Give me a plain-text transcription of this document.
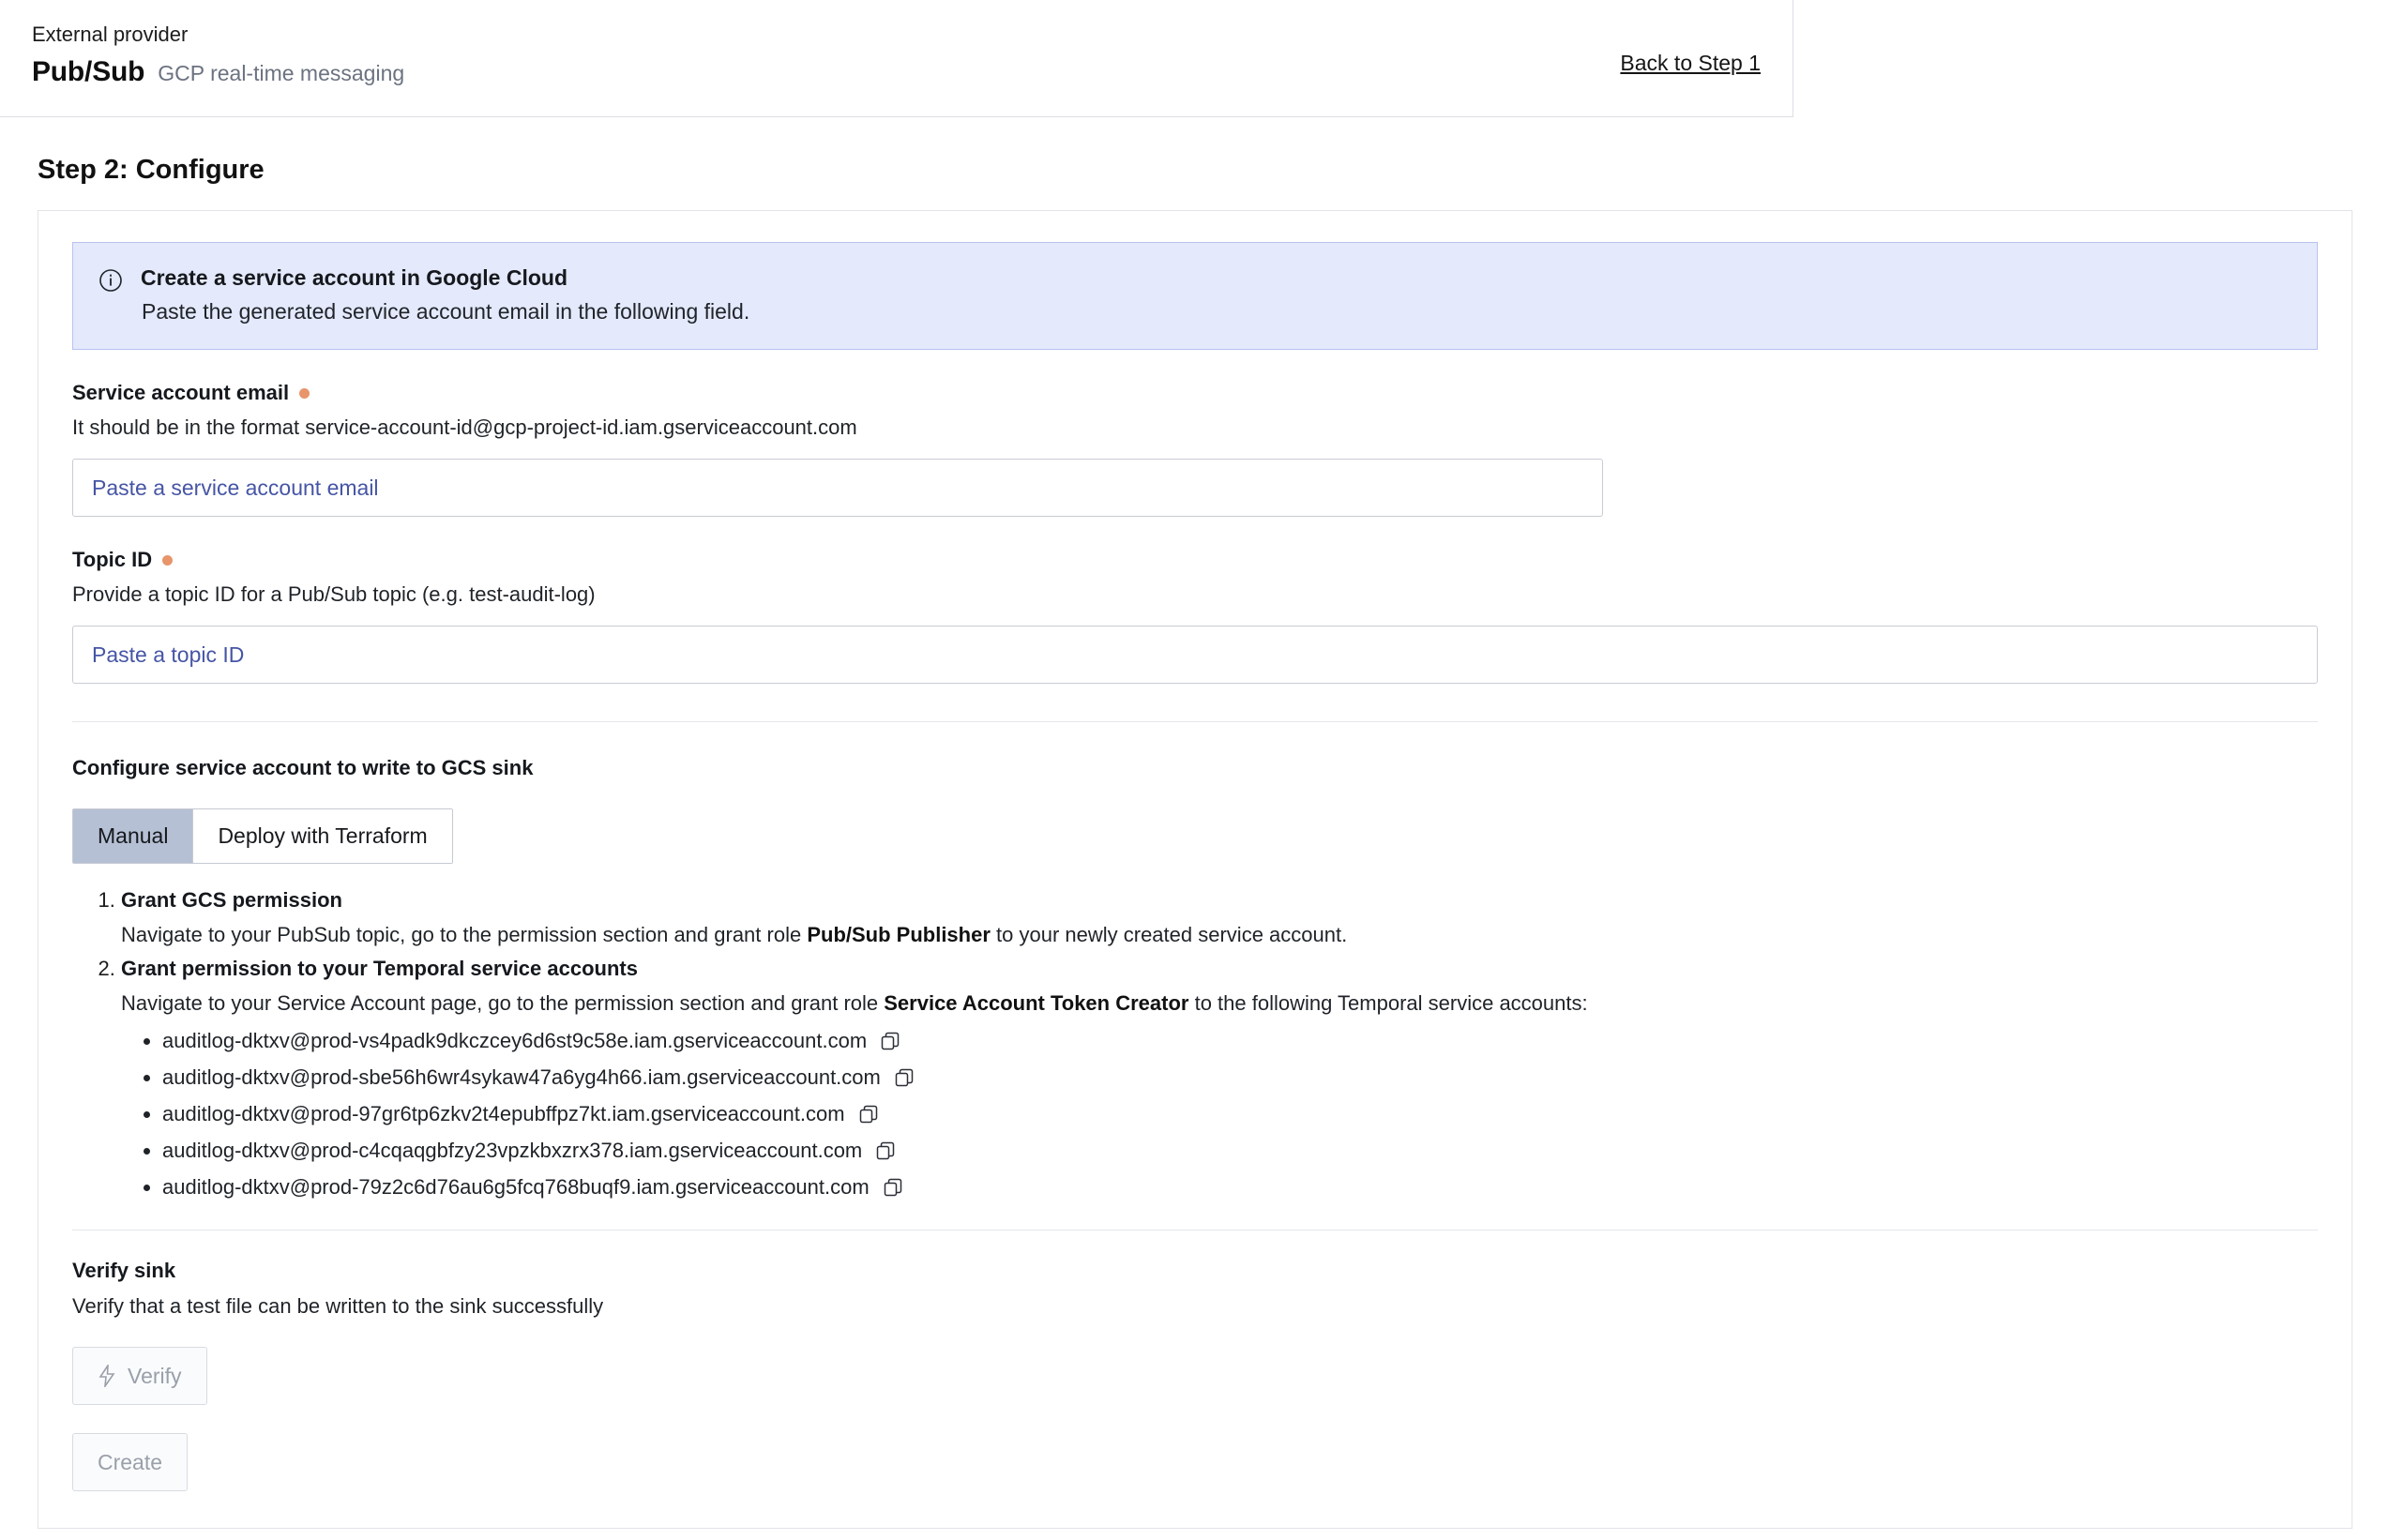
External provider
Pub/Sub GCP real-time messaging	Back to Step 1
Step 2: Configure
Create a service account in Google Cloud
Paste the generated service account email in the following field.
Service account email
It should be in the format service-account-id@gcp-project-id.iam.gserviceaccount.com
Paste a service account email
Topic ID
Provide a topic ID for a Pub/Sub topic (e.g. test-audit-log)
Paste a topic ID
Configure service account to write to GCS sink
Manual	Deploy with Terraform
1. Grant GCS permission
Navigate to your PubSub topic, go to the permission section and grant role Pub/Sub Publisher to your newly created service account.
2. Grant permission to your Temporal service accounts
Navigate to your Service Account page, go to the permission section and grant role Service Account Token Creator to the following Temporal service accounts:
• auditlog-dktxv@prod-vs4padk9dkczcey6d6st9c58e.iam.gserviceaccount.com
• auditlog-dktxv@prod-sbe56h6wr4sykaw47a6yg4h66.iam.gserviceaccount.com
• auditlog-dktxv@prod-97gr6tp6zkv2t4epubffpz7kt.iam.gserviceaccount.com
• auditlog-dktxv@prod-c4cqaqgbfzy23vpzkbxzrx378.iam.gserviceaccount.com
• auditlog-dktxv@prod-79z2c6d76au6g5fcq768buqf9.iam.gserviceaccount.com
Verify sink
Verify that a test file can be written to the sink successfully
Verify
Create
